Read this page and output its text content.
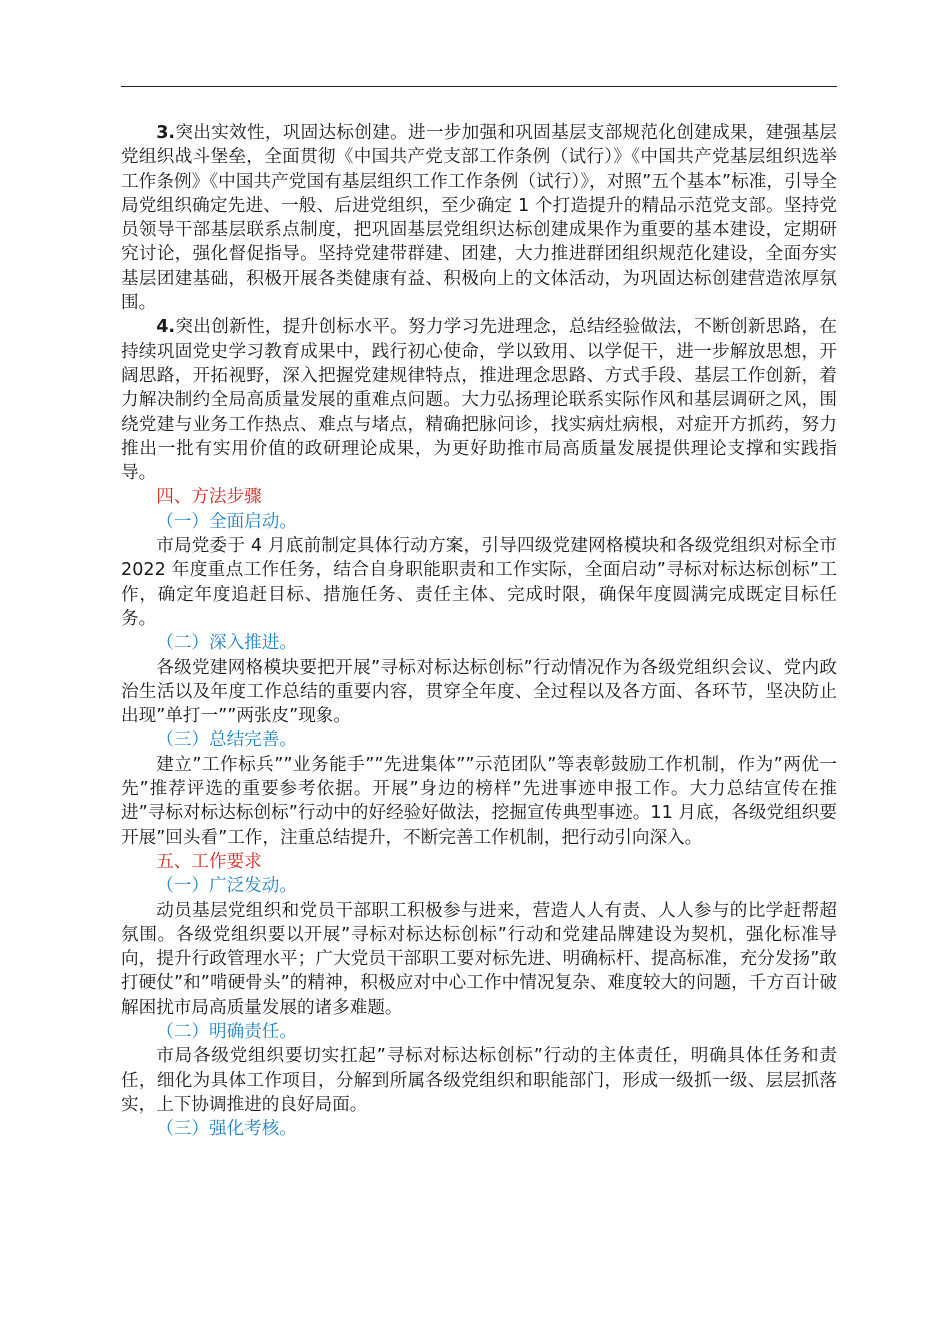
3.突出实效性，巩固达标创建。进一步加强和巩固基层支部规范化创建成果，建强基层党组织战斗堡垒，全面贯彻《中国共产党支部工作条例（试行）》《中国共产党基层组织选举工作条例》《中国共产党国有基层组织工作工作条例（试行）》，对照”五个基本”标准，引导全局党组织确定先进、一般、后进党组织，至少确定 1 个打造提升的精品示范党支部。坚持党员领导干部基层联系点制度，把巩固基层党组织达标创建成果作为重要的基本建设，定期研究讨论，强化督促指导。坚持党建带群建、团建，大力推进群团组织规范化建设，全面夯实基层团建基础，积极开展各类健康有益、积极向上的文体活动，为巩固达标创建营造浓厚氛围。

4.突出创新性，提升创标水平。努力学习先进理念，总结经验做法，不断创新思路，在持续巩固党史学习教育成果中，践行初心使命，学以致用、以学促干，进一步解放思想，开阔思路，开拓视野，深入把握党建规律特点，推进理念思路、方式手段、基层工作创新，着力解决制约全局高质量发展的重难点问题。大力弘扬理论联系实际作风和基层调研之风，围绕党建与业务工作热点、难点与堵点，精确把脉问诊，找实病灶病根，对症开方抓药，努力推出一批有实用价值的政研理论成果，为更好助推市局高质量发展提供理论支撑和实践指导。

四、方法步骤

（一）全面启动。

市局党委于 4 月底前制定具体行动方案，引导四级党建网格模块和各级党组织对标全市 2022 年度重点工作任务，结合自身职能职责和工作实际，全面启动”寻标对标达标创标”工作，确定年度追赶目标、措施任务、责任主体、完成时限，确保年度圆满完成既定目标任务。

（二）深入推进。

各级党建网格模块要把开展”寻标对标达标创标”行动情况作为各级党组织会议、党内政治生活以及年度工作总结的重要内容，贯穿全年度、全过程以及各方面、各环节，坚决防止出现”单打一””两张皮”现象。

（三）总结完善。

建立”工作标兵””业务能手””先进集体””示范团队”等表彰鼓励工作机制，作为”两优一先”推荐评选的重要参考依据。开展”身边的榜样”先进事迹申报工作。大力总结宣传在推进”寻标对标达标创标”行动中的好经验好做法，挖掘宣传典型事迹。11 月底，各级党组织要开展”回头看”工作，注重总结提升，不断完善工作机制，把行动引向深入。

五、工作要求

（一）广泛发动。

动员基层党组织和党员干部职工积极参与进来，营造人人有责、人人参与的比学赶帮超氛围。各级党组织要以开展”寻标对标达标创标”行动和党建品牌建设为契机，强化标准导向，提升行政管理水平；广大党员干部职工要对标先进、明确标杆、提高标准，充分发扬”敢打硬仗”和”啃硬骨头”的精神，积极应对中心工作中情况复杂、难度较大的问题，千方百计破解困扰市局高质量发展的诸多难题。

（二）明确责任。

市局各级党组织要切实扛起”寻标对标达标创标”行动的主体责任，明确具体任务和责任，细化为具体工作项目，分解到所属各级党组织和职能部门，形成一级抓一级、层层抓落实，上下协调推进的良好局面。

（三）强化考核。
